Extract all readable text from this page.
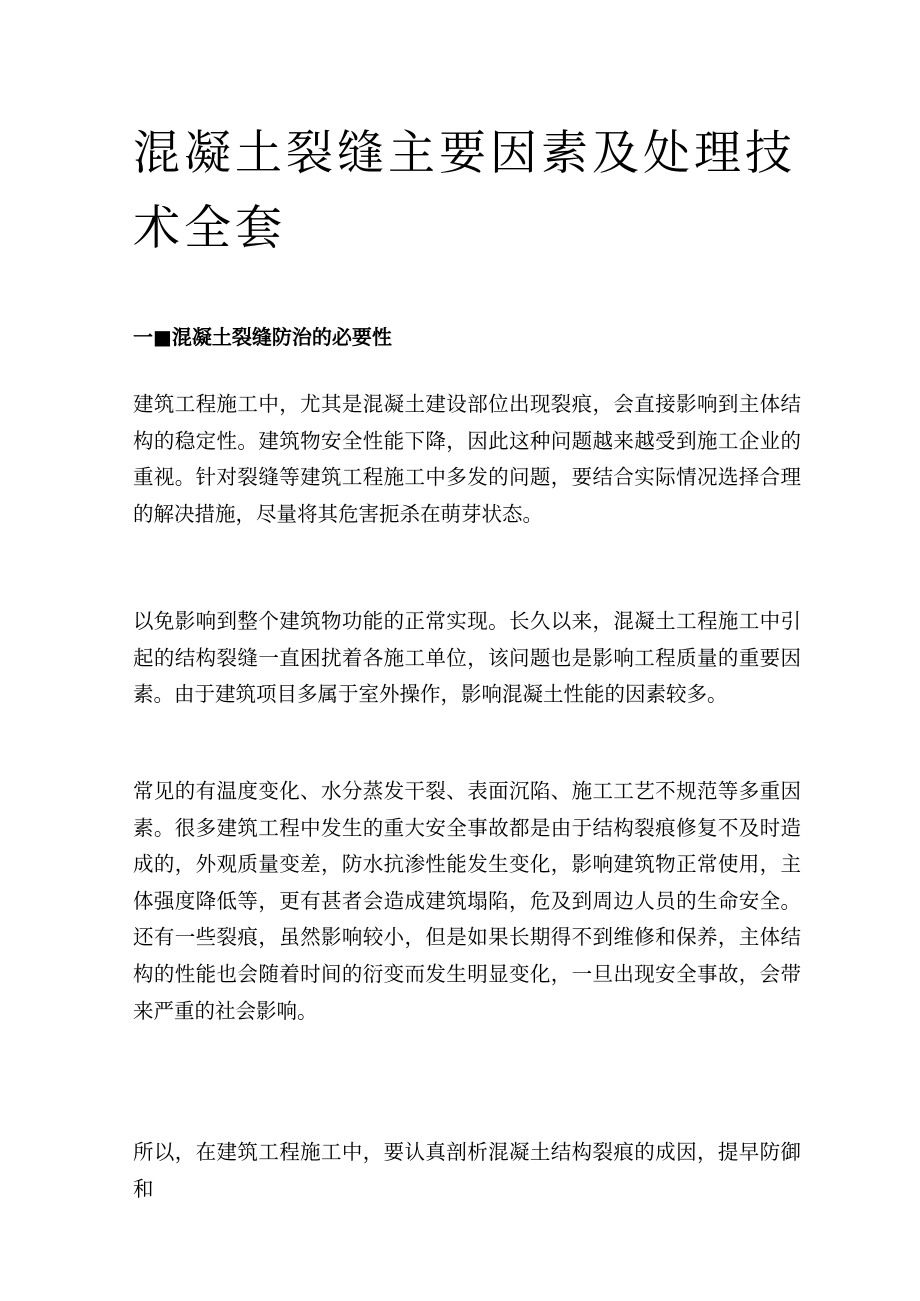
混凝土裂缝主要因素及处理技术全套
一■混凝土裂缝防治的必要性

建筑工程施工中，尤其是混凝土建设部位出现裂痕，会直接影响到主体结构的稳定性。建筑物安全性能下降，因此这种问题越来越受到施工企业的重视。针对裂缝等建筑工程施工中多发的问题，要结合实际情况选择合理的解决措施，尽量将其危害扼杀在萌芽状态。

以免影响到整个建筑物功能的正常实现。长久以来，混凝土工程施工中引起的结构裂缝一直困扰着各施工单位，该问题也是影响工程质量的重要因素。由于建筑项目多属于室外操作，影响混凝土性能的因素较多。

常见的有温度变化、水分蒸发干裂、表面沉陷、施工工艺不规范等多重因素。很多建筑工程中发生的重大安全事故都是由于结构裂痕修复不及时造成的，外观质量变差，防水抗渗性能发生变化，影响建筑物正常使用，主体强度降低等，更有甚者会造成建筑塌陷，危及到周边人员的生命安全。还有一些裂痕，虽然影响较小，但是如果长期得不到维修和保养，主体结构的性能也会随着时间的衍变而发生明显变化，一旦出现安全事故，会带来严重的社会影响。

所以，在建筑工程施工中，要认真剖析混凝土结构裂痕的成因，提早防御和
